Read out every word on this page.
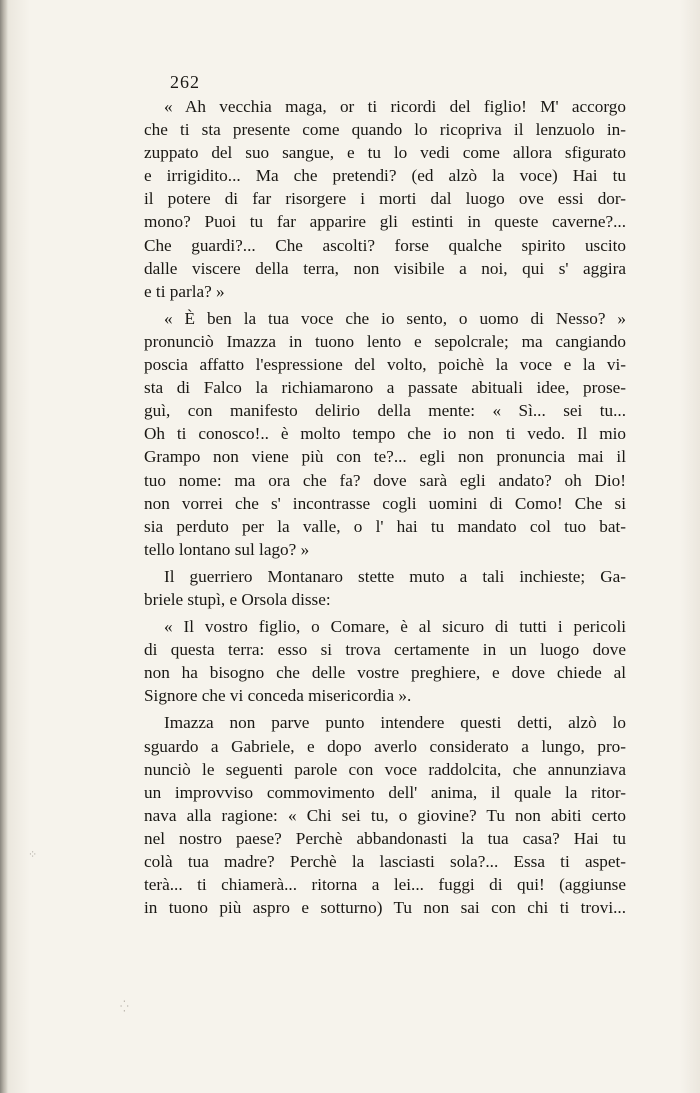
262
« Ah vecchia maga, or ti ricordi del figlio! M' accorgo
che ti sta presente come quando lo ricopriva il lenzuolo in-
zuppato del suo sangue, e tu lo vedi come allora sfigurato
e irrigidito... Ma che pretendi? (ed alzò la voce) Hai tu
il potere di far risorgere i morti dal luogo ove essi dor-
mono? Puoi tu far apparire gli estinti in queste caverne?...
Che guardi?... Che ascolti? forse qualche spirito uscito
dalle viscere della terra, non visibile a noi, qui s' aggira
e ti parla? »
« È ben la tua voce che io sento, o uomo di Nesso? »
pronunciò Imazza in tuono lento e sepolcrale; ma cangiando
poscia affatto l'espressione del volto, poichè la voce e la vi-
sta di Falco la richiamarono a passate abituali idee, prose-
guì, con manifesto delirio della mente: « Sì... sei tu...
Oh ti conosco!.. è molto tempo che io non ti vedo. Il mio
Grampo non viene più con te?... egli non pronuncia mai il
tuo nome: ma ora che fa? dove sarà egli andato? oh Dio!
non vorrei che s' incontrasse cogli uomini di Como! Che si
sia perduto per la valle, o l' hai tu mandato col tuo bat-
tello lontano sul lago? »
Il guerriero Montanaro stette muto a tali inchieste; Ga-
briele stupì, e Orsola disse:
« Il vostro figlio, o Comare, è al sicuro di tutti i pericoli
di questa terra: esso si trova certamente in un luogo dove
non ha bisogno che delle vostre preghiere, e dove chiede al
Signore che vi conceda misericordia ».
Imazza non parve punto intendere questi detti, alzò lo
sguardo a Gabriele, e dopo averlo considerato a lungo, pro-
nunciò le seguenti parole con voce raddolcita, che annunziava
un improvviso commovimento dell' anima, il quale la ritor-
nava alla ragione: « Chi sei tu, o giovine? Tu non abiti certo
nel nostro paese? Perchè abbandonasti la tua casa? Hai tu
colà tua madre? Perchè la lasciasti sola?... Essa ti aspet-
terà... ti chiamerà... ritorna a lei... fuggi di qui! (aggiunse
in tuono più aspro e sotturno) Tu non sai con chi ti trovi...
⁘
⁛
